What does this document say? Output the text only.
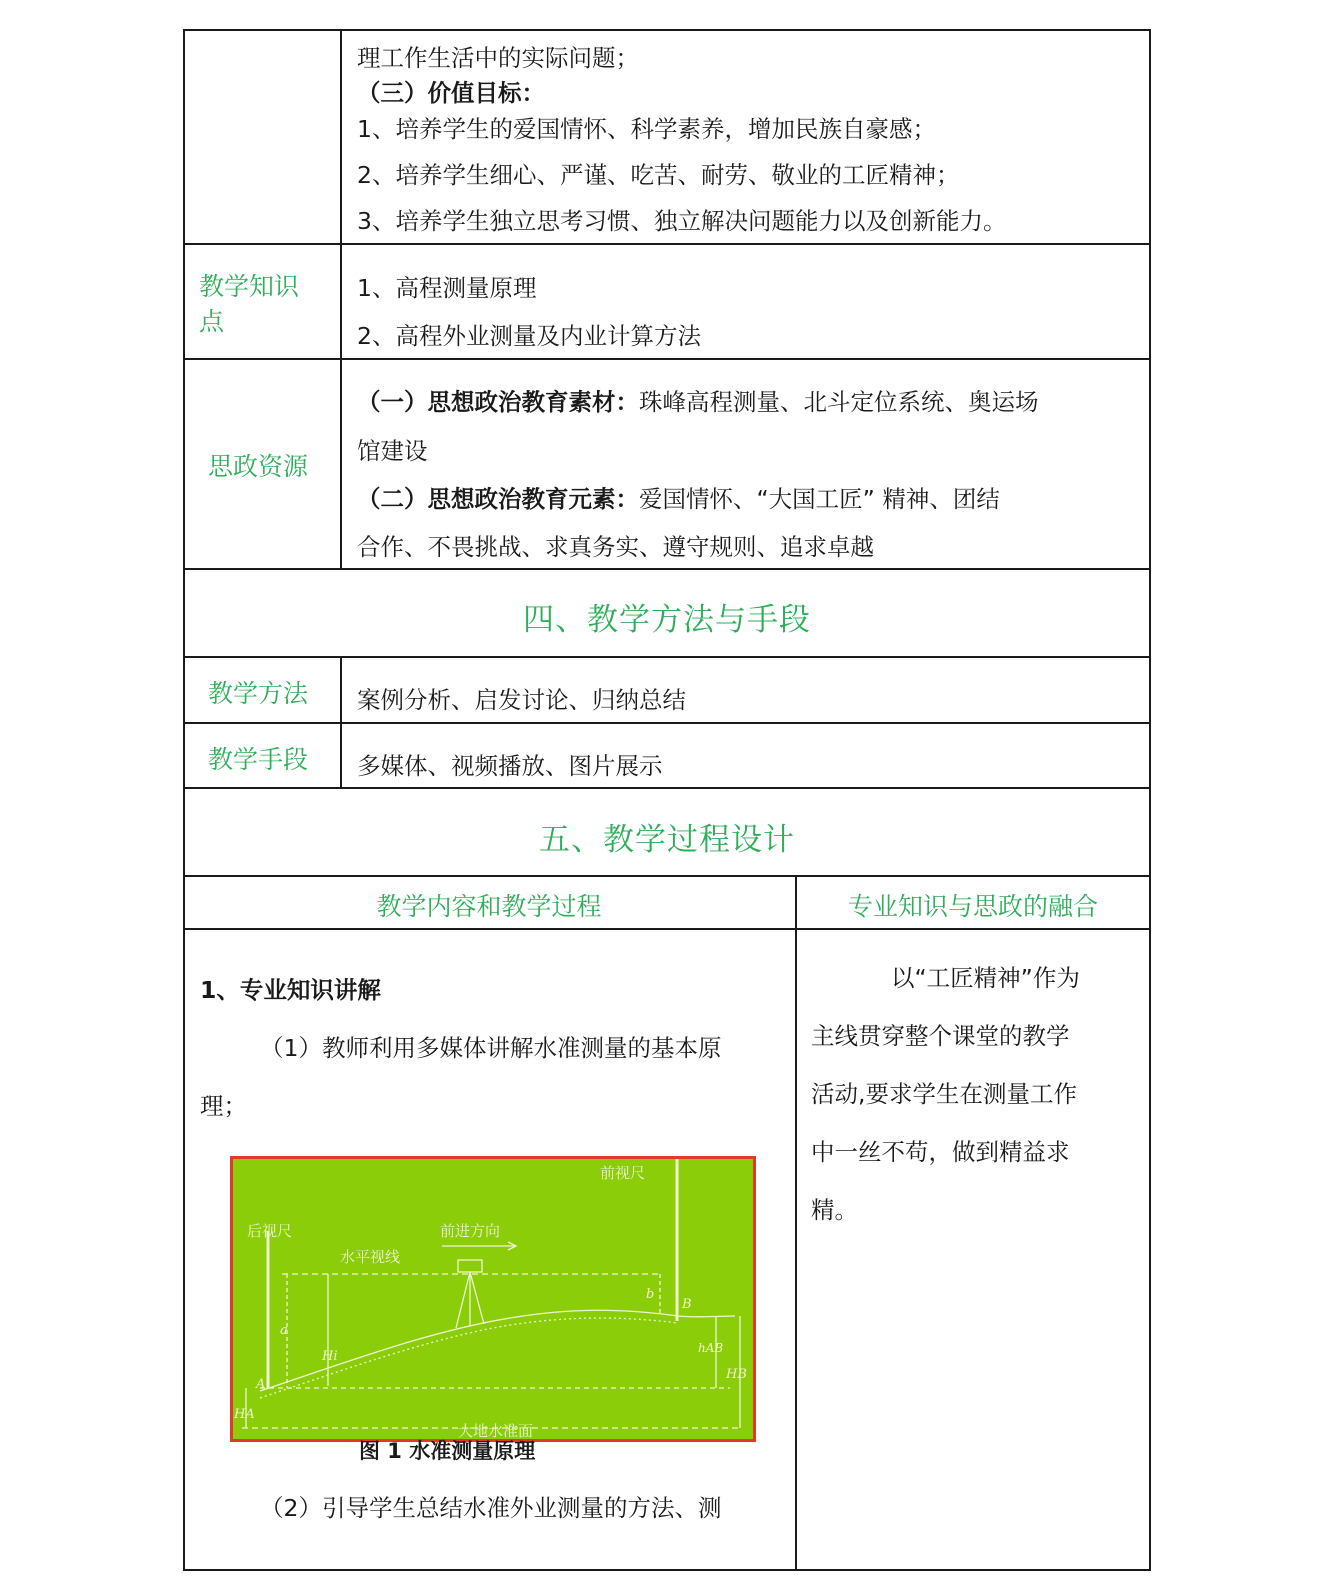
理工作生活中的实际问题；
（三）价值目标：
1、培养学生的爱国情怀、科学素养，增加民族自豪感；
2、培养学生细心、严谨、吃苦、耐劳、敬业的工匠精神；
3、培养学生独立思考习惯、独立解决问题能力以及创新能力。
教学知识
点
1、高程测量原理
2、高程外业测量及内业计算方法
思政资源
（一）思想政治教育素材：珠峰高程测量、北斗定位系统、奥运场
馆建设
（二）思想政治教育元素：爱国情怀、“大国工匠” 精神、团结
合作、不畏挑战、求真务实、遵守规则、追求卓越
四、教学方法与手段
教学方法 案例分析、启发讨论、归纳总结
教学手段 多媒体、视频播放、图片展示
五、教学过程设计
教学内容和教学过程	专业知识与思政的融合
1、专业知识讲解
（1）教师利用多媒体讲解水准测量的基本原
理；
前视尺
后视尺	前进方向
水平视线
大地水准面
a
b
A
B
Hi
hAB
HB
HA
图 1 水准测量原理
（2）引导学生总结水准外业测量的方法、测
以“工匠精神”作为
主线贯穿整个课堂的教学
活动,要求学生在测量工作
中一丝不苟，做到精益求
精。
